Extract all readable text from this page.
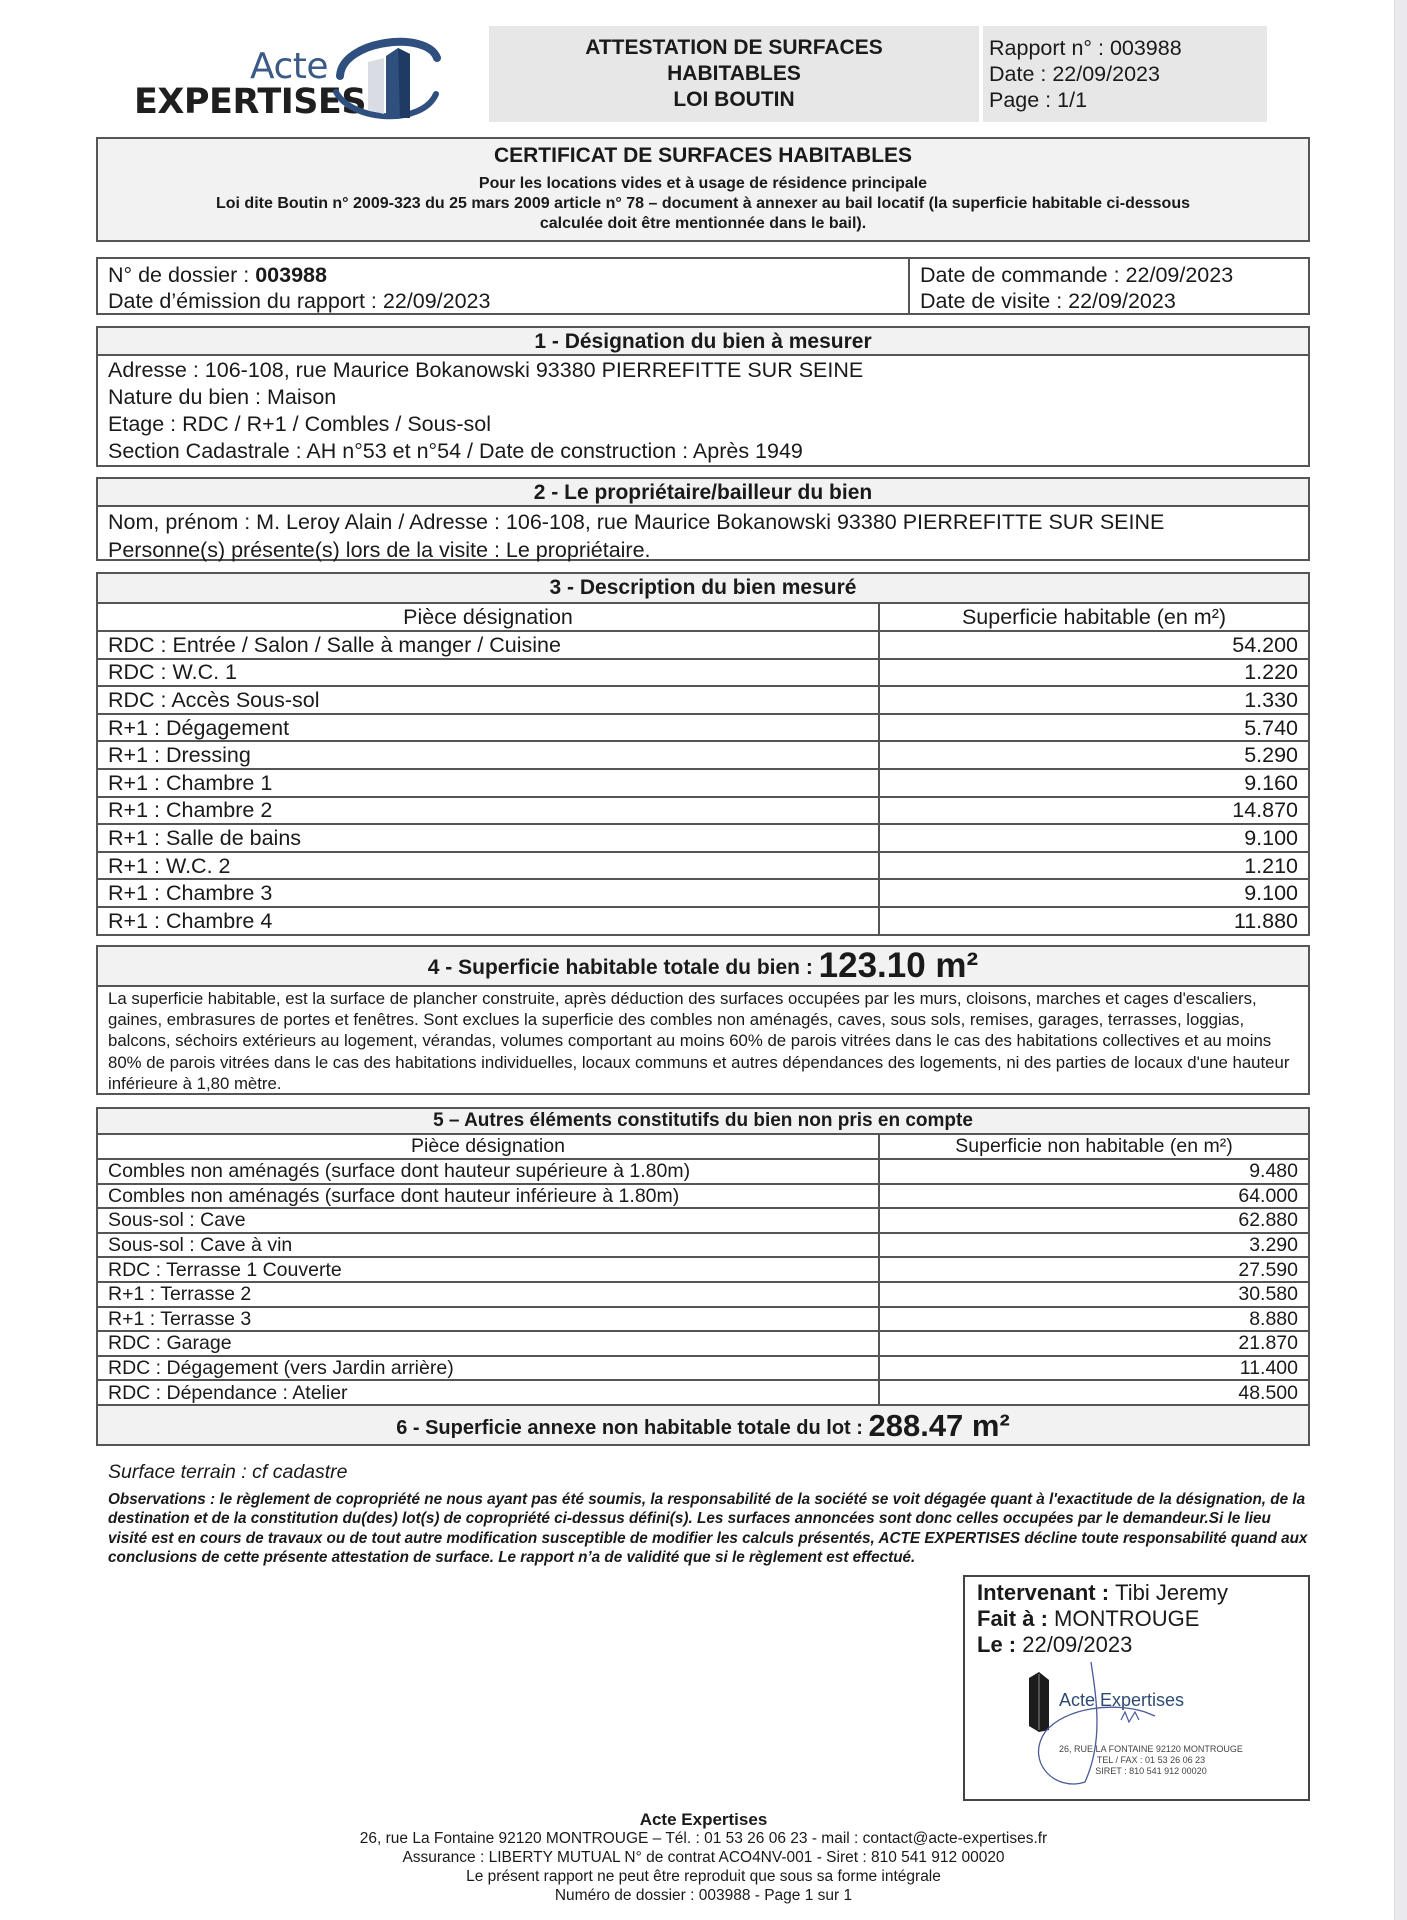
Acte
EXPERTISES
ATTESTATION DE SURFACES
HABITABLES
LOI BOUTIN
Rapport n° : 003988
Date : 22/09/2023
Page : 1/1
CERTIFICAT DE SURFACES HABITABLES
Pour les locations vides et à usage de résidence principale
Loi dite Boutin n° 2009-323 du 25 mars 2009 article n° 78 – document à annexer au bail locatif (la superficie habitable ci-dessous
calculée doit être mentionnée dans le bail).
N° de dossier : 003988
Date d’émission du rapport : 22/09/2023
Date de commande : 22/09/2023
Date de visite : 22/09/2023
1 - Désignation du bien à mesurer
Adresse : 106-108, rue Maurice Bokanowski 93380 PIERREFITTE SUR SEINE
Nature du bien : Maison
Etage : RDC / R+1 / Combles / Sous-sol
Section Cadastrale : AH n°53 et n°54 / Date de construction : Après 1949
2 - Le propriétaire/bailleur du bien
Nom, prénom : M. Leroy Alain / Adresse : 106-108, rue Maurice Bokanowski 93380 PIERREFITTE SUR SEINE
Personne(s) présente(s) lors de la visite : Le propriétaire.
3 - Description du bien mesuré
Pièce désignation	Superficie habitable (en m²)
RDC : Entrée / Salon / Salle à manger / Cuisine	54.200
RDC : W.C. 1	1.220
RDC : Accès Sous-sol	1.330
R+1 : Dégagement	5.740
R+1 : Dressing	5.290
R+1 : Chambre 1	9.160
R+1 : Chambre 2	14.870
R+1 : Salle de bains	9.100
R+1 : W.C. 2	1.210
R+1 : Chambre 3	9.100
R+1 : Chambre 4	11.880
4 - Superficie habitable totale du bien : 123.10 m²
La superficie habitable, est la surface de plancher construite, après déduction des surfaces occupées par les murs, cloisons, marches et cages d'escaliers, gaines, embrasures de portes et fenêtres. Sont exclues la superficie des combles non aménagés, caves, sous sols, remises, garages, terrasses, loggias, balcons, séchoirs extérieurs au logement, vérandas, volumes comportant au moins 60% de parois vitrées dans le cas des habitations collectives et au moins 80% de parois vitrées dans le cas des habitations individuelles, locaux communs et autres dépendances des logements, ni des parties de locaux d'une hauteur inférieure à 1,80 mètre.
5 – Autres éléments constitutifs du bien non pris en compte
Pièce désignation	Superficie non habitable (en m²)
Combles non aménagés (surface dont hauteur supérieure à 1.80m)	9.480
Combles non aménagés (surface dont hauteur inférieure à 1.80m)	64.000
Sous-sol : Cave	62.880
Sous-sol : Cave à vin	3.290
RDC : Terrasse 1 Couverte	27.590
R+1 : Terrasse 2	30.580
R+1 : Terrasse 3	8.880
RDC : Garage	21.870
RDC : Dégagement (vers Jardin arrière)	11.400
RDC : Dépendance : Atelier	48.500
6 - Superficie annexe non habitable totale du lot : 288.47 m²
Surface terrain : cf cadastre
Observations : le règlement de copropriété ne nous ayant pas été soumis, la responsabilité de la société se voit dégagée quant à l'exactitude de la désignation, de la destination et de la constitution du(des) lot(s) de copropriété ci-dessus défini(s). Les surfaces annoncées sont donc celles occupées par le demandeur.Si le lieu visité est en cours de travaux ou de tout autre modification susceptible de modifier les calculs présentés, ACTE EXPERTISES décline toute responsabilité quand aux conclusions de cette présente attestation de surface. Le rapport n’a de validité que si le règlement est effectué.
Intervenant : Tibi Jeremy
Fait à : MONTROUGE
Le : 22/09/2023
Acte Expertises
26, RUE LA FONTAINE 92120 MONTROUGE
TEL / FAX : 01 53 26 06 23
SIRET : 810 541 912 00020
Acte Expertises
26, rue La Fontaine 92120 MONTROUGE – Tél. : 01 53 26 06 23 - mail : contact@acte-expertises.fr
Assurance : LIBERTY MUTUAL N° de contrat ACO4NV-001 - Siret : 810 541 912 00020
Le présent rapport ne peut être reproduit que sous sa forme intégrale
Numéro de dossier : 003988 - Page 1 sur 1
